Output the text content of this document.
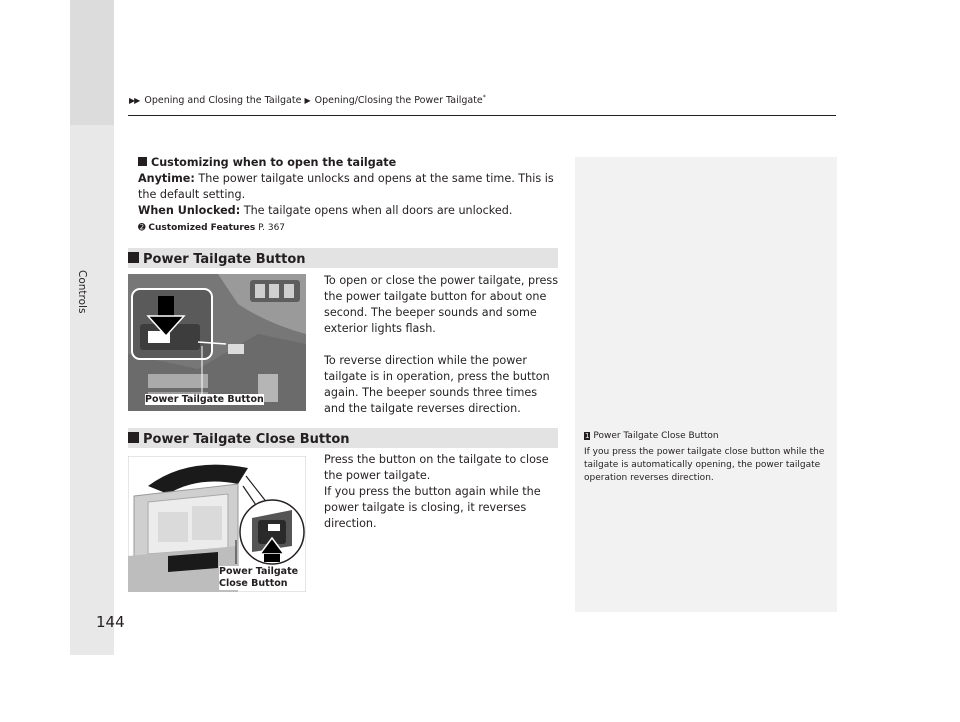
Controls
▶▶ Opening and Closing the Tailgate ▶ Opening/Closing the Power Tailgate*
Customizing when to open the tailgate
Anytime: The power tailgate unlocks and opens at the same time. This is the default setting.
When Unlocked: The tailgate opens when all doors are unlocked.
➋ Customized Features P. 367
Power Tailgate Button
Power Tailgate Button
To open or close the power tailgate, press the power tailgate button for about one second. The beeper sounds and some exterior lights flash.
To reverse direction while the power tailgate is in operation, press the button again. The beeper sounds three times and the tailgate reverses direction.
Power Tailgate Close Button	1 Power Tailgate Close Button
If you press the power tailgate close button while the tailgate is automatically opening, the power tailgate operation reverses direction.
Power Tailgate
Close Button
Press the button on the tailgate to close the power tailgate.
If you press the button again while the power tailgate is closing, it reverses direction.
144
